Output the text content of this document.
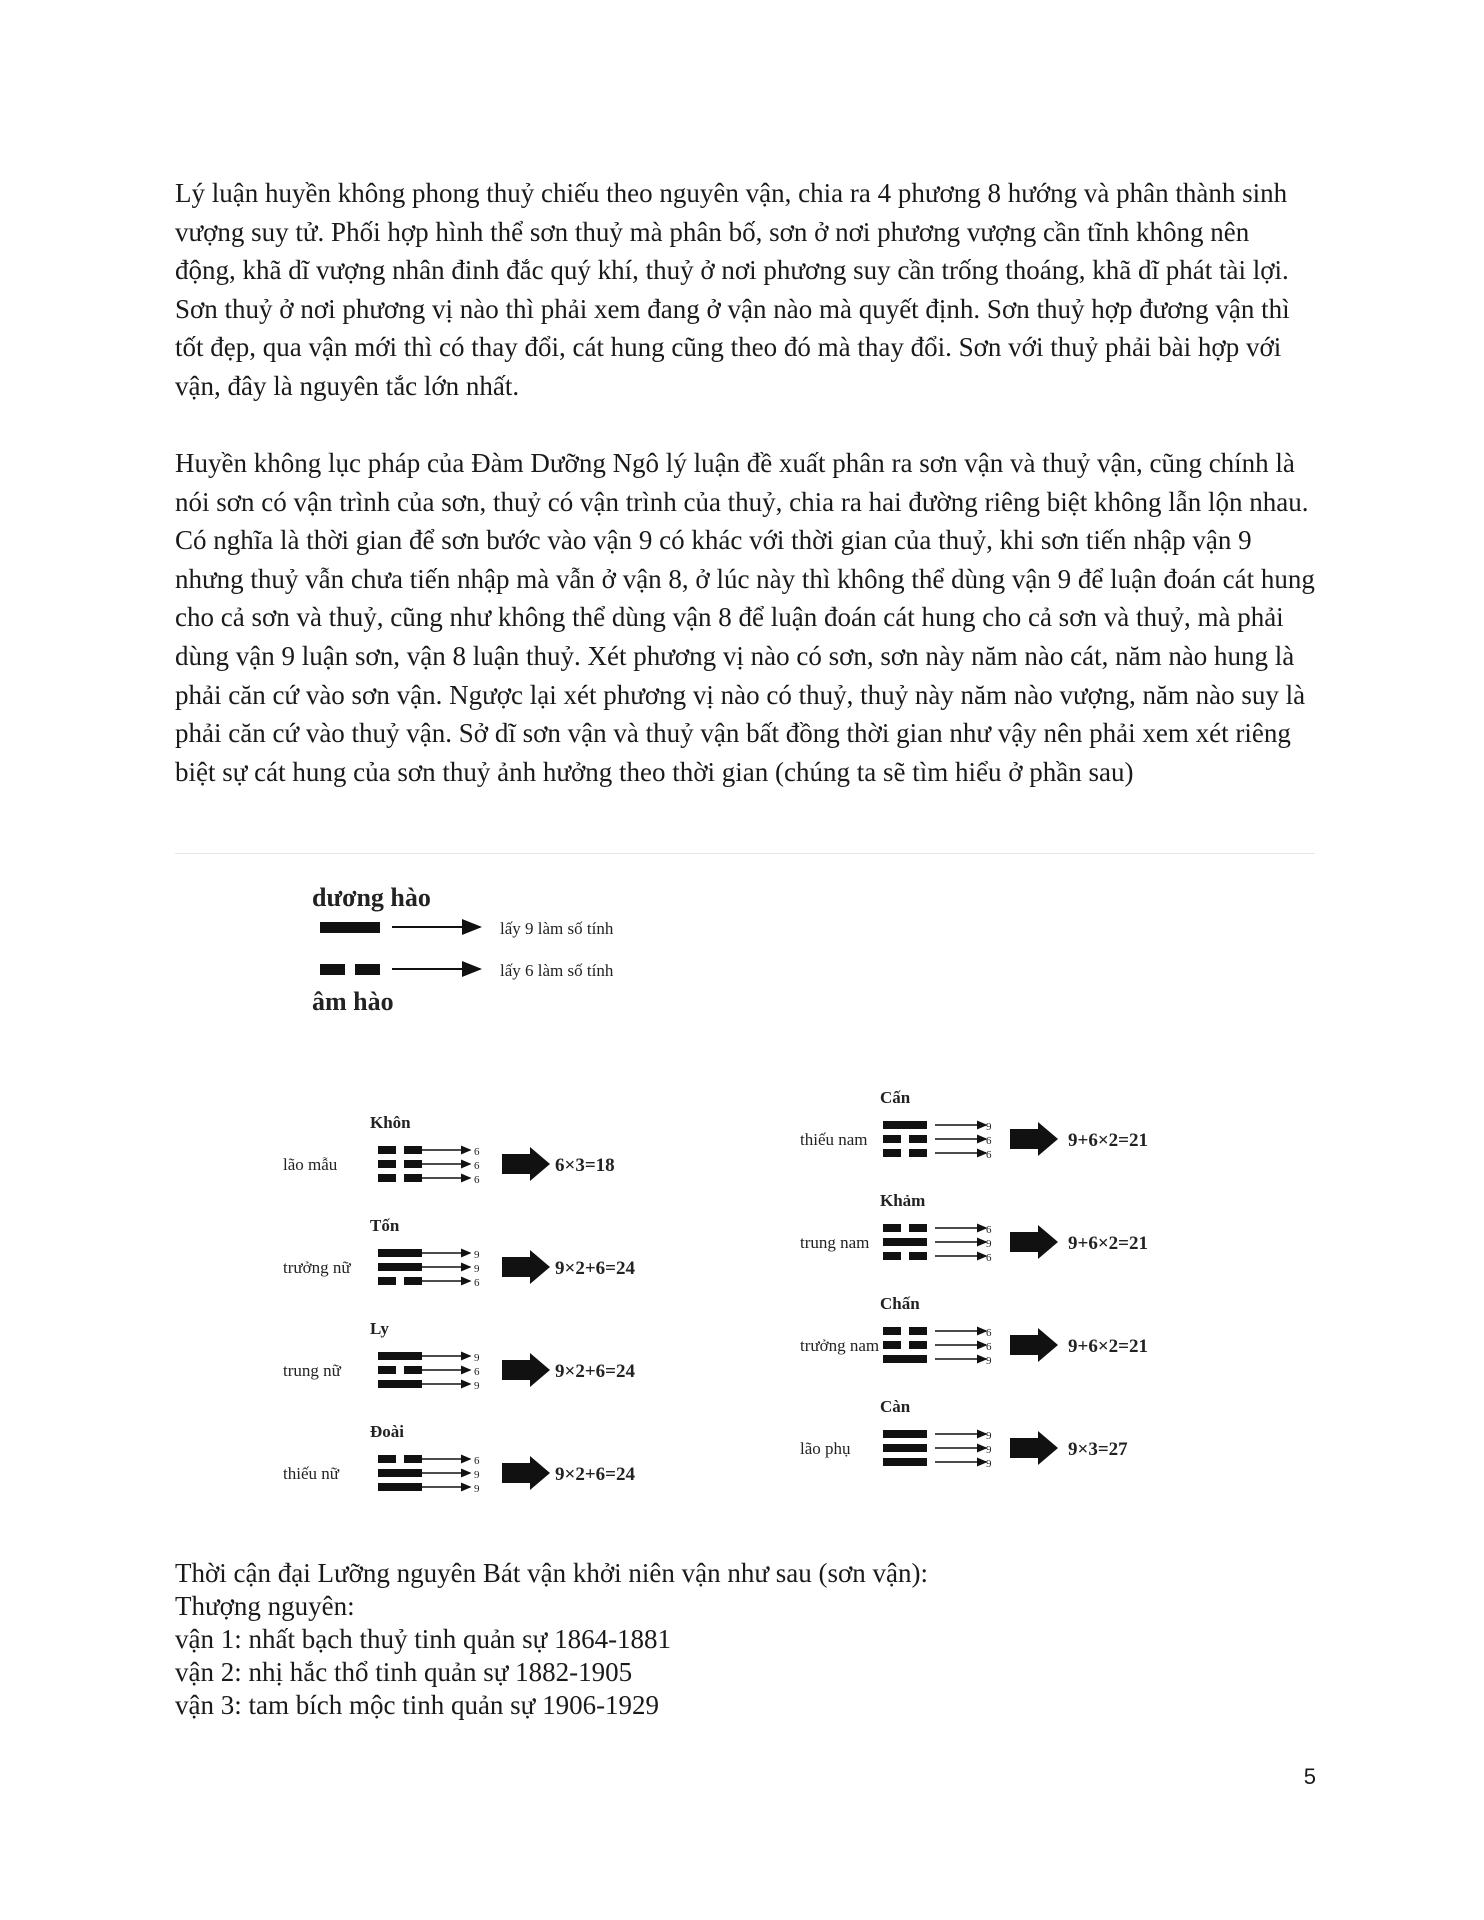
Lý luận huyền không phong thuỷ chiếu theo nguyên vận, chia ra 4 phương 8 hướng và phân thành sinh vượng suy tử. Phối hợp hình thể sơn thuỷ mà phân bố, sơn ở nơi phương vượng cần tĩnh không nên động, khã dĩ vượng nhân đinh đắc quý khí, thuỷ ở nơi phương suy cần trống thoáng, khã dĩ phát tài lợi. Sơn thuỷ ở nơi phương vị nào thì phải xem đang ở vận nào mà quyết định. Sơn thuỷ hợp đương vận thì tốt đẹp, qua vận mới thì có thay đổi, cát hung cũng theo đó mà thay đổi. Sơn với thuỷ phải bài hợp với vận, đây là nguyên tắc lớn nhất.

Huyền không lục pháp của Đàm Dưỡng Ngô lý luận đề xuất phân ra sơn vận và thuỷ vận, cũng chính là nói sơn có vận trình của sơn, thuỷ có vận trình của thuỷ, chia ra hai đường riêng biệt không lẫn lộn nhau. Có nghĩa là thời gian để sơn bước vào vận 9 có khác với thời gian của thuỷ, khi sơn tiến nhập vận 9 nhưng thuỷ vẫn chưa tiến nhập mà vẫn ở vận 8, ở lúc này thì không thể dùng vận 9 để luận đoán cát hung cho cả sơn và thuỷ, cũng như không thể dùng vận 8 để luận đoán cát hung cho cả sơn và thuỷ, mà phải dùng vận 9 luận sơn, vận 8 luận thuỷ. Xét phương vị nào có sơn, sơn này năm nào cát, năm nào hung là phải căn cứ vào sơn vận. Ngược lại xét phương vị nào có thuỷ, thuỷ này năm nào vượng, năm nào suy là phải căn cứ vào thuỷ vận. Sở dĩ sơn vận và thuỷ vận bất đồng thời gian như vậy nên phải xem xét riêng biệt sự cát hung của sơn thuỷ ảnh hưởng theo thời gian (chúng ta sẽ tìm hiểu ở phần sau)

dương hào
lấy 9 làm số tính
lấy 6 làm số tính
âm hào
Khôn
lão mẫu
6
6
6
6×3=18
Tốn
trưởng nữ
9
9
6
9×2+6=24
Ly
trung nữ
9
6
9
9×2+6=24
Đoài
thiếu nữ
6
9
9
9×2+6=24
Cấn
thiếu nam
9
6
6
9+6×2=21
Khảm
trung nam
6
9
6
9+6×2=21
Chấn
trưởng nam
6
6
9
9+6×2=21
Càn
lão phụ
9
9
9
9×3=27
Thời cận đại Lưỡng nguyên Bát vận khởi niên vận như sau (sơn vận):
Thượng nguyên:
vận 1: nhất bạch thuỷ tinh quản sự 1864-1881
vận 2: nhị hắc thổ tinh quản sự 1882-1905
vận 3: tam bích mộc tinh quản sự 1906-1929
5
